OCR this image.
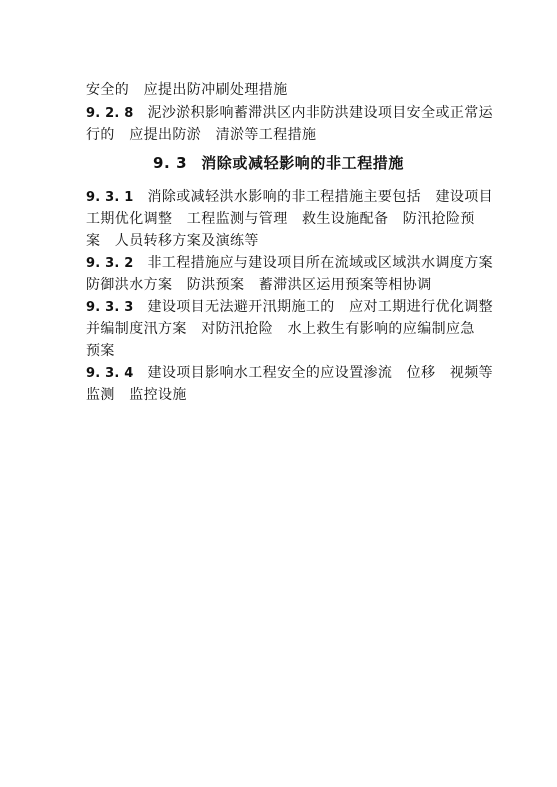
安全的　应提出防冲刷处理措施
9. 2. 8 泥沙淤积影响蓄滞洪区内非防洪建设项目安全或正常运
行的　应提出防淤　清淤等工程措施
9. 3 消除或减轻影响的非工程措施
9. 3. 1 消除或减轻洪水影响的非工程措施主要包括　建设项目
工期优化调整　工程监测与管理　救生设施配备　防汛抢险预
案　人员转移方案及演练等
9. 3. 2 非工程措施应与建设项目所在流域或区域洪水调度方案
防御洪水方案　防洪预案　蓄滞洪区运用预案等相协调
9. 3. 3 建设项目无法避开汛期施工的　应对工期进行优化调整
并编制度汛方案　对防汛抢险　水上救生有影响的应编制应急
预案
9. 3. 4 建设项目影响水工程安全的应设置渗流　位移　视频等
监测　监控设施
